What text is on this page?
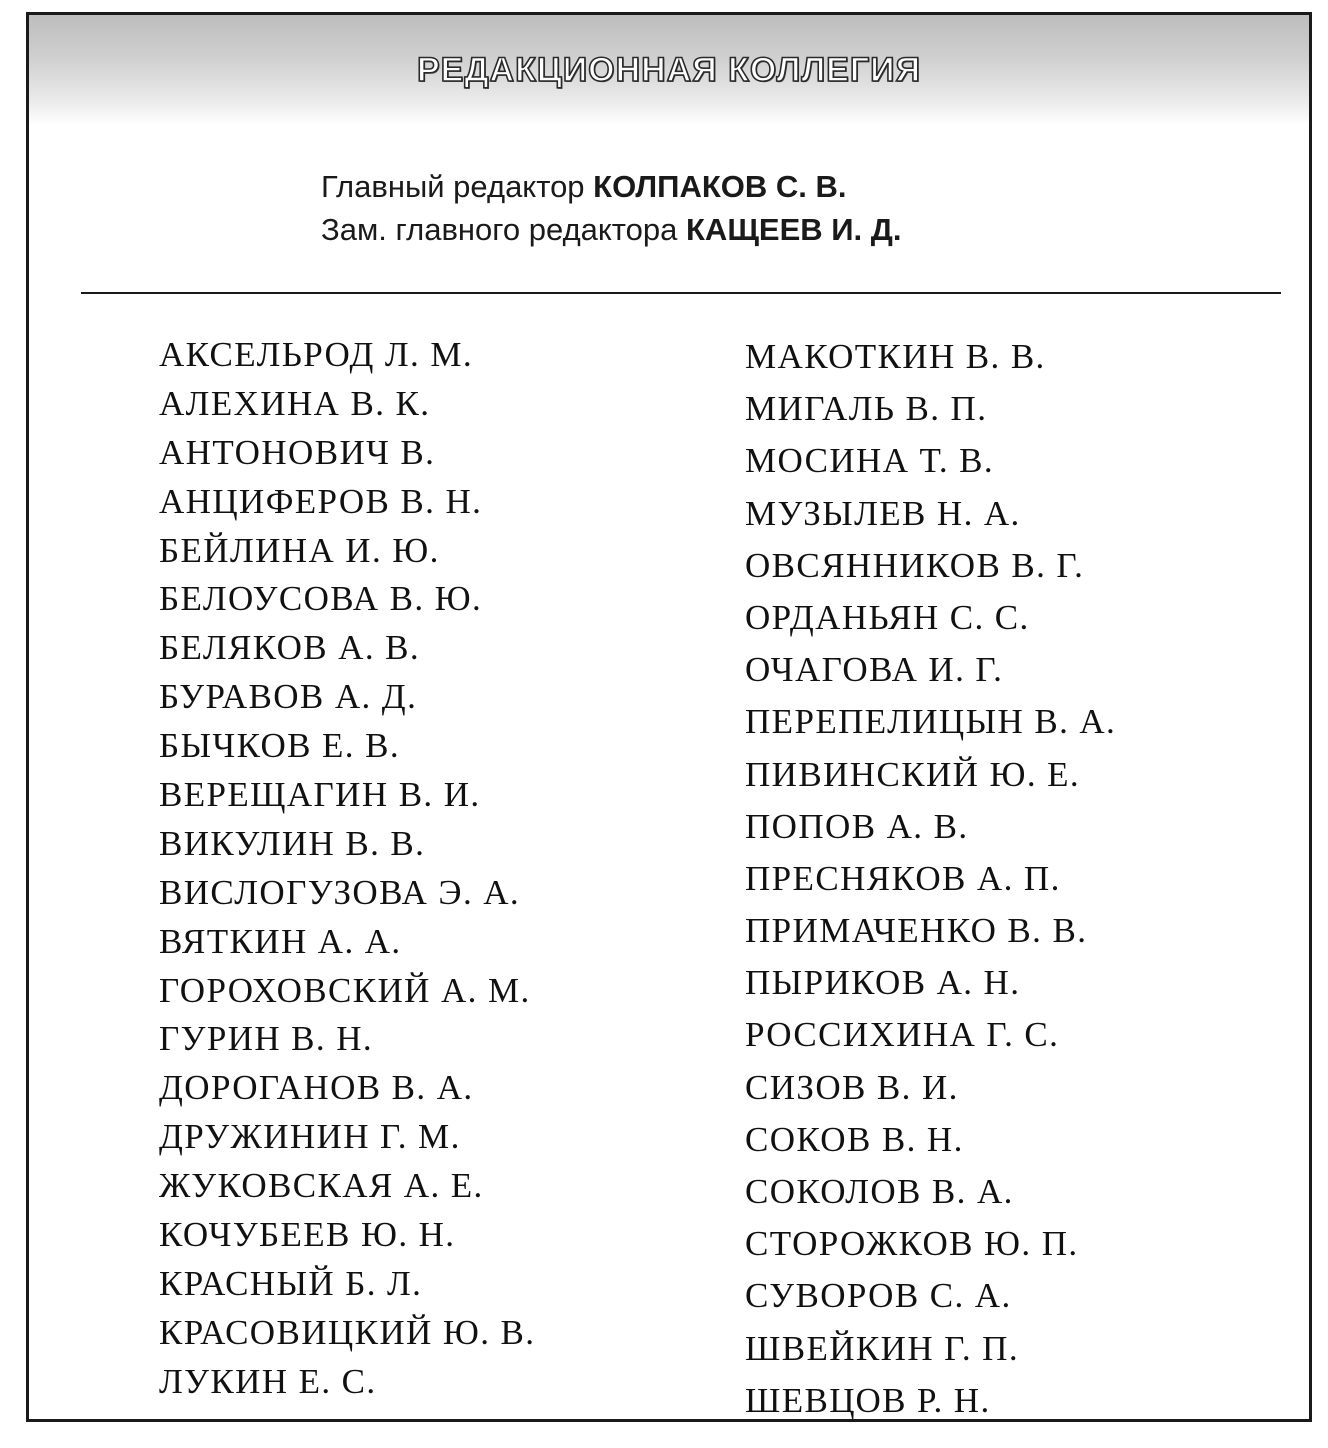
РЕДАКЦИОННАЯ КОЛЛЕГИЯ
Главный редактор КОЛПАКОВ С. В.
Зам. главного редактора КАЩЕЕВ И. Д.
АКСЕЛЬРОД Л. М.
АЛЕХИНА В. К.
АНТОНОВИЧ В.
АНЦИФЕРОВ В. Н.
БЕЙЛИНА И. Ю.
БЕЛОУСОВА В. Ю.
БЕЛЯКОВ А. В.
БУРАВОВ А. Д.
БЫЧКОВ Е. В.
ВЕРЕЩАГИН В. И.
ВИКУЛИН В. В.
ВИСЛОГУЗОВА Э. А.
ВЯТКИН А. А.
ГОРОХОВСКИЙ А. М.
ГУРИН В. Н.
ДОРОГАНОВ В. А.
ДРУЖИНИН Г. М.
ЖУКОВСКАЯ А. Е.
КОЧУБЕЕВ Ю. Н.
КРАСНЫЙ Б. Л.
КРАСОВИЦКИЙ Ю. В.
ЛУКИН Е. С.
МАКОТКИН В. В.
МИГАЛЬ В. П.
МОСИНА Т. В.
МУЗЫЛЕВ Н. А.
ОВСЯННИКОВ В. Г.
ОРДАНЬЯН С. С.
ОЧАГОВА И. Г.
ПЕРЕПЕЛИЦЫН В. А.
ПИВИНСКИЙ Ю. Е.
ПОПОВ А. В.
ПРЕСНЯКОВ А. П.
ПРИМАЧЕНКО В. В.
ПЫРИКОВ А. Н.
РОССИХИНА Г. С.
СИЗОВ В. И.
СОКОВ В. Н.
СОКОЛОВ В. А.
СТОРОЖКОВ Ю. П.
СУВОРОВ С. А.
ШВЕЙКИН Г. П.
ШЕВЦОВ Р. Н.
